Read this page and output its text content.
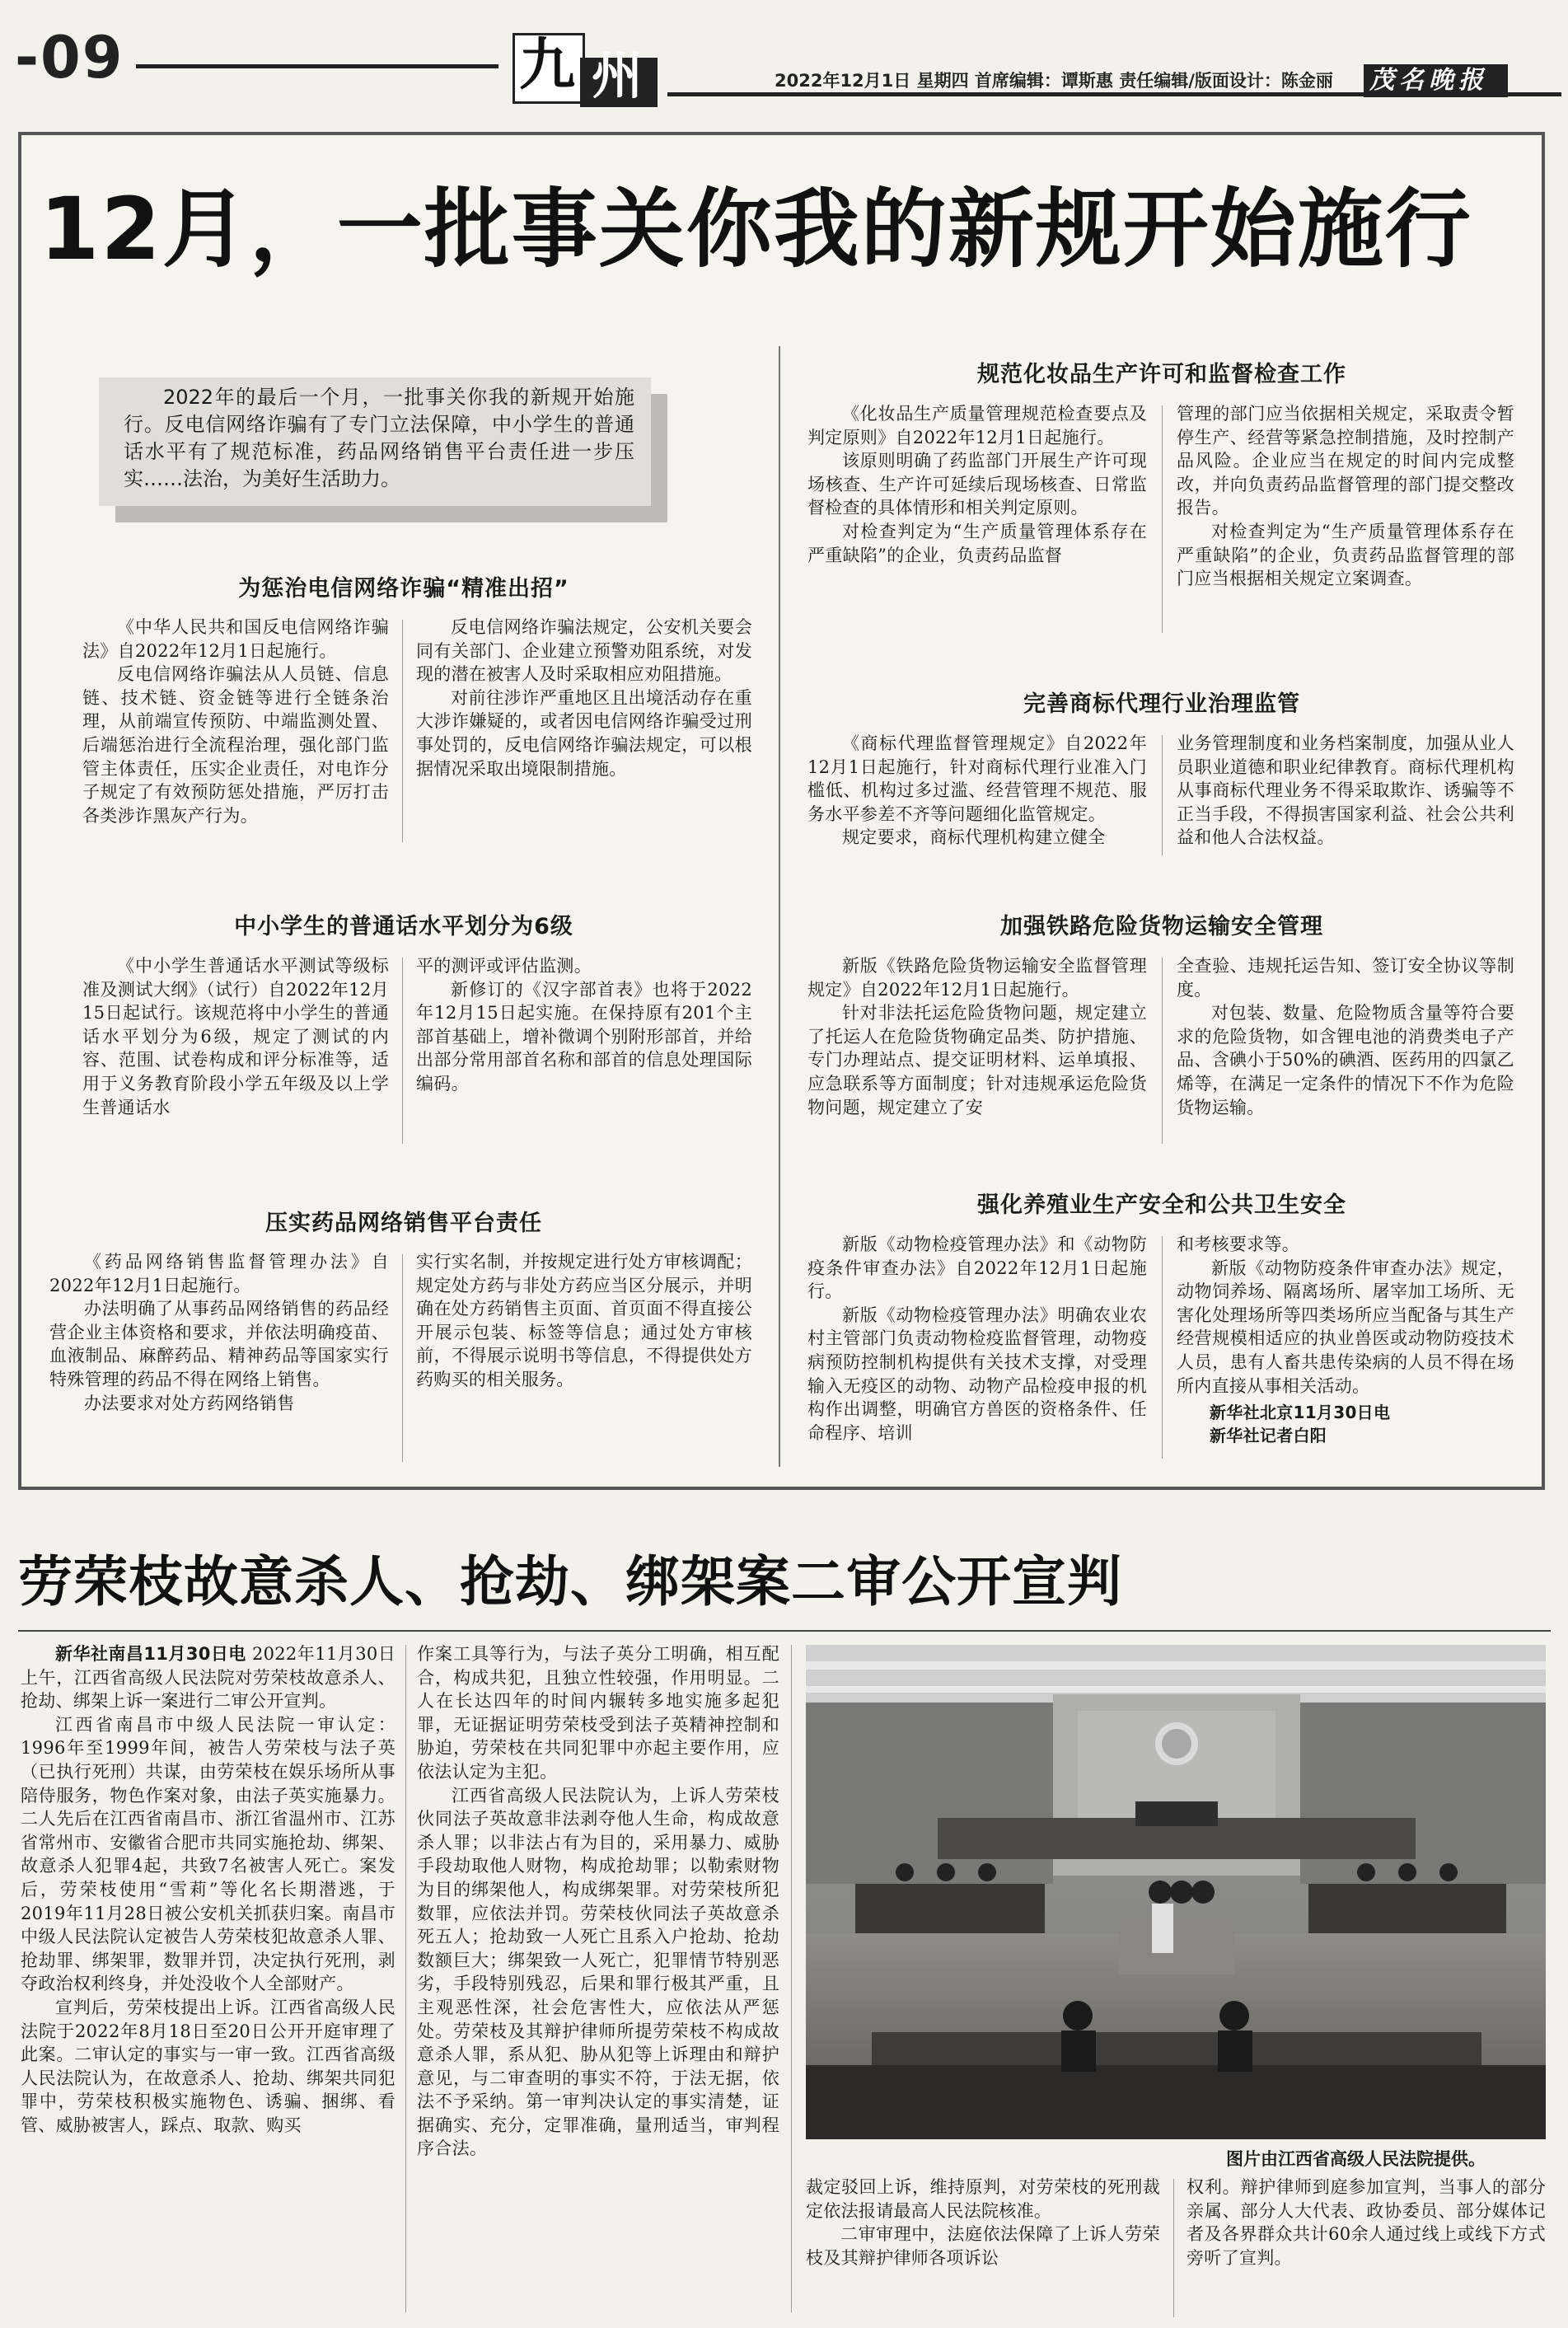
-09	九 州	2022年12月1日 星期四 首席编辑：谭斯惠 责任编辑/版面设计：陈金丽 茂名晚报
12月，一批事关你我的新规开始施行
2022年的最后一个月，一批事关你我的新规开始施行。反电信网络诈骗有了专门立法保障，中小学生的普通话水平有了规范标准，药品网络销售平台责任进一步压实……法治，为美好生活助力。
为惩治电信网络诈骗“精准出招”

《中华人民共和国反电信网络诈骗法》自2022年12月1日起施行。

反电信网络诈骗法从人员链、信息链、技术链、资金链等进行全链条治理，从前端宣传预防、中端监测处置、后端惩治进行全流程治理，强化部门监管主体责任，压实企业责任，对电诈分子规定了有效预防惩处措施，严厉打击各类涉诈黑灰产行为。

反电信网络诈骗法规定，公安机关要会同有关部门、企业建立预警劝阻系统，对发现的潜在被害人及时采取相应劝阻措施。

对前往涉诈严重地区且出境活动存在重大涉诈嫌疑的，或者因电信网络诈骗受过刑事处罚的，反电信网络诈骗法规定，可以根据情况采取出境限制措施。

中小学生的普通话水平划分为6级

《中小学生普通话水平测试等级标准及测试大纲》（试行）自2022年12月15日起试行。该规范将中小学生的普通话水平划分为6级，规定了测试的内容、范围、试卷构成和评分标准等，适用于义务教育阶段小学五年级及以上学生普通话水

平的测评或评估监测。

新修订的《汉字部首表》也将于2022年12月15日起实施。在保持原有201个主部首基础上，增补微调个别附形部首，并给出部分常用部首名称和部首的信息处理国际编码。

压实药品网络销售平台责任

《药品网络销售监督管理办法》自2022年12月1日起施行。

办法明确了从事药品网络销售的药品经营企业主体资格和要求，并依法明确疫苗、血液制品、麻醉药品、精神药品等国家实行特殊管理的药品不得在网络上销售。

办法要求对处方药网络销售

实行实名制，并按规定进行处方审核调配；规定处方药与非处方药应当区分展示，并明确在处方药销售主页面、首页面不得直接公开展示包装、标签等信息；通过处方审核前，不得展示说明书等信息，不得提供处方药购买的相关服务。
规范化妆品生产许可和监督检查工作

《化妆品生产质量管理规范检查要点及判定原则》自2022年12月1日起施行。

该原则明确了药监部门开展生产许可现场核查、生产许可延续后现场核查、日常监督检查的具体情形和相关判定原则。

对检查判定为“生产质量管理体系存在严重缺陷”的企业，负责药品监督

管理的部门应当依据相关规定，采取责令暂停生产、经营等紧急控制措施，及时控制产品风险。企业应当在规定的时间内完成整改，并向负责药品监督管理的部门提交整改报告。

对检查判定为“生产质量管理体系存在严重缺陷”的企业，负责药品监督管理的部门应当根据相关规定立案调查。

完善商标代理行业治理监管

《商标代理监督管理规定》自2022年12月1日起施行，针对商标代理行业准入门槛低、机构过多过滥、经营管理不规范、服务水平参差不齐等问题细化监管规定。

规定要求，商标代理机构建立健全

业务管理制度和业务档案制度，加强从业人员职业道德和职业纪律教育。商标代理机构从事商标代理业务不得采取欺诈、诱骗等不正当手段，不得损害国家利益、社会公共利益和他人合法权益。
加强铁路危险货物运输安全管理

新版《铁路危险货物运输安全监督管理规定》自2022年12月1日起施行。

针对非法托运危险货物问题，规定建立了托运人在危险货物确定品类、防护措施、专门办理站点、提交证明材料、运单填报、应急联系等方面制度；针对违规承运危险货物问题，规定建立了安

全查验、违规托运告知、签订安全协议等制度。

对包装、数量、危险物质含量等符合要求的危险货物，如含锂电池的消费类电子产品、含碘小于50%的碘酒、医药用的四氯乙烯等，在满足一定条件的情况下不作为危险货物运输。

强化养殖业生产安全和公共卫生安全

新版《动物检疫管理办法》和《动物防疫条件审查办法》自2022年12月1日起施行。

新版《动物检疫管理办法》明确农业农村主管部门负责动物检疫监督管理，动物疫病预防控制机构提供有关技术支撑，对受理输入无疫区的动物、动物产品检疫申报的机构作出调整，明确官方兽医的资格条件、任命程序、培训

和考核要求等。

新版《动物防疫条件审查办法》规定，动物饲养场、隔离场所、屠宰加工场所、无害化处理场所等四类场所应当配备与其生产经营规模相适应的执业兽医或动物防疫技术人员，患有人畜共患传染病的人员不得在场所内直接从事相关活动。

新华社北京11月30日电
新华社记者白阳
劳荣枝故意杀人、抢劫、绑架案二审公开宣判

新华社南昌11月30日电 2022年11月30日上午，江西省高级人民法院对劳荣枝故意杀人、抢劫、绑架上诉一案进行二审公开宣判。

江西省南昌市中级人民法院一审认定：1996年至1999年间，被告人劳荣枝与法子英（已执行死刑）共谋，由劳荣枝在娱乐场所从事陪侍服务，物色作案对象，由法子英实施暴力。二人先后在江西省南昌市、浙江省温州市、江苏省常州市、安徽省合肥市共同实施抢劫、绑架、故意杀人犯罪4起，共致7名被害人死亡。案发后，劳荣枝使用“雪莉”等化名长期潜逃，于2019年11月28日被公安机关抓获归案。南昌市中级人民法院认定被告人劳荣枝犯故意杀人罪、抢劫罪、绑架罪，数罪并罚，决定执行死刑，剥夺政治权利终身，并处没收个人全部财产。

宣判后，劳荣枝提出上诉。江西省高级人民法院于2022年8月18日至20日公开开庭审理了此案。二审认定的事实与一审一致。江西省高级人民法院认为，在故意杀人、抢劫、绑架共同犯罪中，劳荣枝积极实施物色、诱骗、捆绑、看管、威胁被害人，踩点、取款、购买

作案工具等行为，与法子英分工明确，相互配合，构成共犯，且独立性较强，作用明显。二人在长达四年的时间内辗转多地实施多起犯罪，无证据证明劳荣枝受到法子英精神控制和胁迫，劳荣枝在共同犯罪中亦起主要作用，应依法认定为主犯。

江西省高级人民法院认为，上诉人劳荣枝伙同法子英故意非法剥夺他人生命，构成故意杀人罪；以非法占有为目的，采用暴力、威胁手段劫取他人财物，构成抢劫罪；以勒索财物为目的绑架他人，构成绑架罪。对劳荣枝所犯数罪，应依法并罚。劳荣枝伙同法子英故意杀死五人；抢劫致一人死亡且系入户抢劫、抢劫数额巨大；绑架致一人死亡，犯罪情节特别恶劣，手段特别残忍，后果和罪行极其严重，且主观恶性深，社会危害性大，应依法从严惩处。劳荣枝及其辩护律师所提劳荣枝不构成故意杀人罪，系从犯、胁从犯等上诉理由和辩护意见，与二审查明的事实不符，于法无据，依法不予采纳。第一审判决认定的事实清楚，证据确实、充分，定罪准确，量刑适当，审判程序合法。

图片由江西省高级人民法院提供。
裁定驳回上诉，维持原判，对劳荣枝的死刑裁定依法报请最高人民法院核准。

二审审理中，法庭依法保障了上诉人劳荣枝及其辩护律师各项诉讼

权利。辩护律师到庭参加宣判，当事人的部分亲属、部分人大代表、政协委员、部分媒体记者及各界群众共计60余人通过线上或线下方式旁听了宣判。
